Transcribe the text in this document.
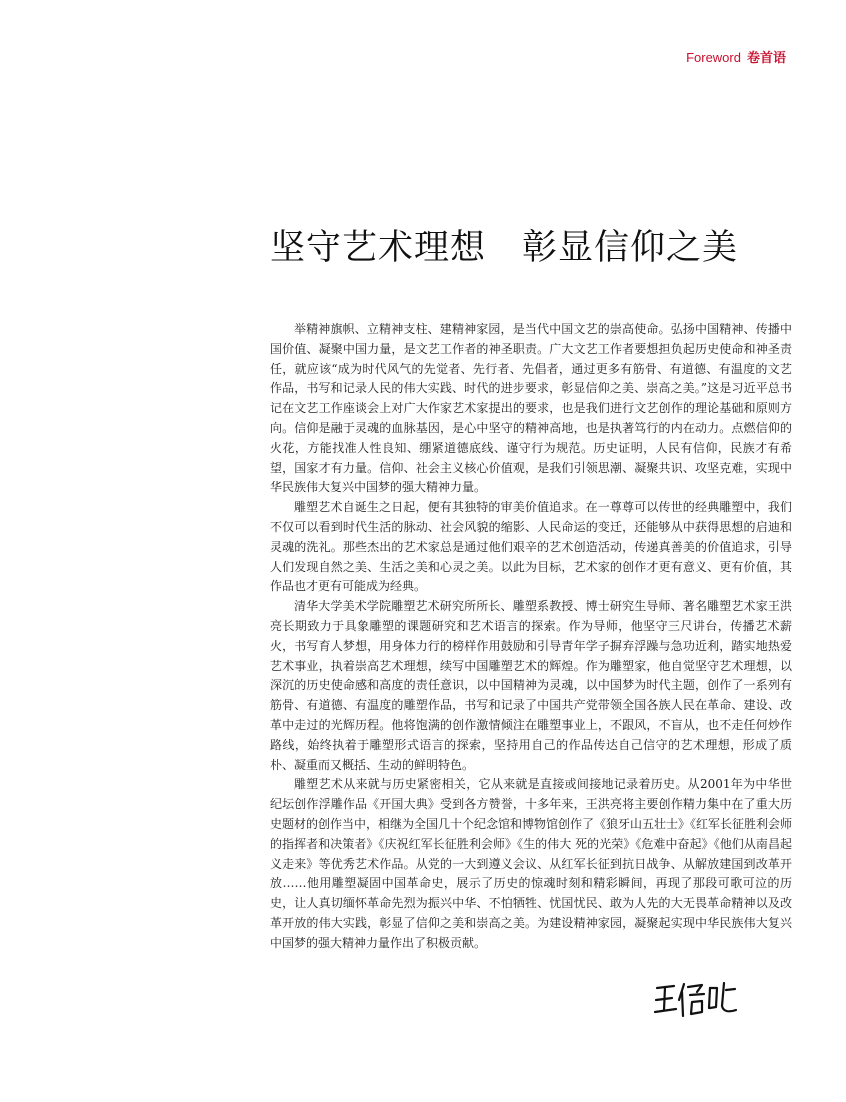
Foreword 卷首语
坚守艺术理想　彰显信仰之美

举精神旗帜、立精神支柱、建精神家园，是当代中国文艺的崇高使命。弘扬中国精神、传播中国价值、凝聚中国力量，是文艺工作者的神圣职责。广大文艺工作者要想担负起历史使命和神圣责任，就应该“成为时代风气的先觉者、先行者、先倡者，通过更多有筋骨、有道德、有温度的文艺作品，书写和记录人民的伟大实践、时代的进步要求，彰显信仰之美、崇高之美。”这是习近平总书记在文艺工作座谈会上对广大作家艺术家提出的要求，也是我们进行文艺创作的理论基础和原则方向。信仰是融于灵魂的血脉基因，是心中坚守的精神高地，也是执著笃行的内在动力。点燃信仰的火花，方能找准人性良知、绷紧道德底线、谨守行为规范。历史证明，人民有信仰，民族才有希望，国家才有力量。信仰、社会主义核心价值观，是我们引领思潮、凝聚共识、攻坚克难，实现中华民族伟大复兴中国梦的强大精神力量。

雕塑艺术自诞生之日起，便有其独特的审美价值追求。在一尊尊可以传世的经典雕塑中，我们不仅可以看到时代生活的脉动、社会风貌的缩影、人民命运的变迁，还能够从中获得思想的启迪和灵魂的洗礼。那些杰出的艺术家总是通过他们艰辛的艺术创造活动，传递真善美的价值追求，引导人们发现自然之美、生活之美和心灵之美。以此为目标，艺术家的创作才更有意义、更有价值，其作品也才更有可能成为经典。

清华大学美术学院雕塑艺术研究所所长、雕塑系教授、博士研究生导师、著名雕塑艺术家王洪亮长期致力于具象雕塑的课题研究和艺术语言的探索。作为导师，他坚守三尺讲台，传播艺术薪火，书写育人梦想，用身体力行的榜样作用鼓励和引导青年学子摒弃浮躁与急功近利，踏实地热爱艺术事业，执着崇高艺术理想，续写中国雕塑艺术的辉煌。作为雕塑家，他自觉坚守艺术理想，以深沉的历史使命感和高度的责任意识，以中国精神为灵魂，以中国梦为时代主题，创作了一系列有筋骨、有道德、有温度的雕塑作品，书写和记录了中国共产党带领全国各族人民在革命、建设、改革中走过的光辉历程。他将饱满的创作激情倾注在雕塑事业上，不跟风，不盲从，也不走任何炒作路线，始终执着于雕塑形式语言的探索，坚持用自己的作品传达自己信守的艺术理想，形成了质朴、凝重而又概括、生动的鲜明特色。

雕塑艺术从来就与历史紧密相关，它从来就是直接或间接地记录着历史。从2001年为中华世纪坛创作浮雕作品《开国大典》受到各方赞誉，十多年来，王洪亮将主要创作精力集中在了重大历史题材的创作当中，相继为全国几十个纪念馆和博物馆创作了《狼牙山五壮士》《红军长征胜利会师的指挥者和决策者》《庆祝红军长征胜利会师》《生的伟大 死的光荣》《危难中奋起》《他们从南昌起义走来》等优秀艺术作品。从党的一大到遵义会议、从红军长征到抗日战争、从解放建国到改革开放……他用雕塑凝固中国革命史，展示了历史的惊魂时刻和精彩瞬间，再现了那段可歌可泣的历史，让人真切缅怀革命先烈为振兴中华、不怕牺牲、忧国忧民、敢为人先的大无畏革命精神以及改革开放的伟大实践，彰显了信仰之美和崇高之美。为建设精神家园，凝聚起实现中华民族伟大复兴中国梦的强大精神力量作出了积极贡献。
